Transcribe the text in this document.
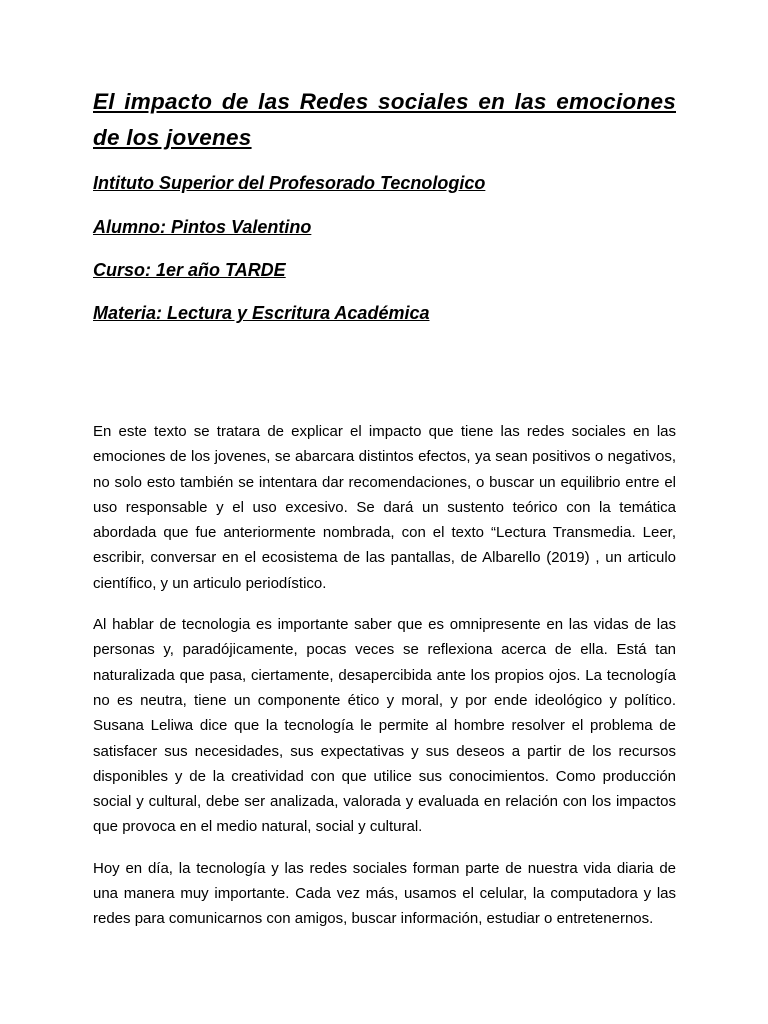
El impacto de las Redes sociales en las emociones de los jovenes

Intituto Superior del Profesorado Tecnologico

Alumno: Pintos Valentino

Curso: 1er año TARDE

Materia: Lectura y Escritura Académica

En este texto se tratara de explicar el impacto que tiene las redes sociales en las emociones de los jovenes, se abarcara distintos efectos, ya sean positivos o negativos, no solo esto también se intentara dar recomendaciones, o buscar un equilibrio entre el uso responsable y el uso excesivo. Se dará un sustento teórico con la temática abordada que fue anteriormente nombrada, con el texto “Lectura Transmedia. Leer, escribir, conversar en el ecosistema de las pantallas, de Albarello (2019) , un articulo científico, y un articulo periodístico.

Al hablar de tecnologia es importante saber que es omnipresente en las vidas de las personas y, paradójicamente, pocas veces se reflexiona acerca de ella. Está tan naturalizada que pasa, ciertamente, desapercibida ante los propios ojos. La tecnología no es neutra, tiene un componente ético y moral, y por ende ideológico y político. Susana Leliwa dice que la tecnología le permite al hombre resolver el problema de satisfacer sus necesidades, sus expectativas y sus deseos a partir de los recursos disponibles y de la creatividad con que utilice sus conocimientos. Como producción social y cultural, debe ser analizada, valorada y evaluada en relación con los impactos que provoca en el medio natural, social y cultural.

Hoy en día, la tecnología y las redes sociales forman parte de nuestra vida diaria de una manera muy importante. Cada vez más, usamos el celular, la computadora y las redes para comunicarnos con amigos, buscar información, estudiar o entretenernos.
